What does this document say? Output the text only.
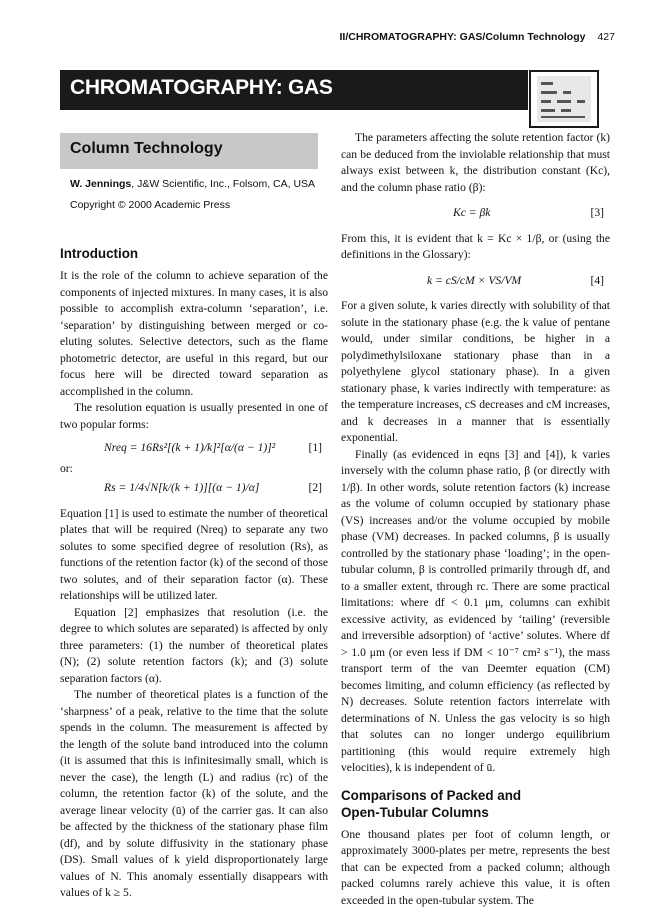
II/CHROMATOGRAPHY: GAS/Column Technology 427
CHROMATOGRAPHY: GAS
Column Technology
W. Jennings, J&W Scientific, Inc., Folsom, CA, USA
Copyright © 2000 Academic Press
Introduction

It is the role of the column to achieve separation of the components of injected mixtures. In many cases, it is also possible to accomplish extra-column ‘separation’, i.e. ‘separation’ by distinguishing between merged or co-eluting solutes. Selective detectors, such as the flame photometric detector, are useful in this regard, but our focus here will be directed toward separation as accomplished in the column.

The resolution equation is usually presented in one of two popular forms:

Nreq = 16Rs²[(k + 1)/k]²[α/(α − 1)]²	[1]

or:

Rs = 1/4√N[k/(k + 1)][(α − 1)/α]	[2]

Equation [1] is used to estimate the number of theoretical plates that will be required (Nreq) to separate any two solutes to some specified degree of resolution (Rs), as functions of the retention factor (k) of the second of those two solutes, and of their separation factor (α). These relationships will be utilized later.

Equation [2] emphasizes that resolution (i.e. the degree to which solutes are separated) is affected by only three parameters: (1) the number of theoretical plates (N); (2) solute retention factors (k); and (3) solute separation factors (α).

The number of theoretical plates is a function of the ‘sharpness’ of a peak, relative to the time that the solute spends in the column. The measurement is affected by the length of the solute band introduced into the column (it is assumed that this is infinitesimally small, which is never the case), the length (L) and radius (rc) of the column, the retention factor (k) of the solute, and the average linear velocity (ū) of the carrier gas. It can also be affected by the thickness of the stationary phase film (df), and by solute diffusivity in the stationary phase (DS). Small values of k yield disproportionately large values of N. This anomaly essentially disappears with values of k ≥ 5.

The parameters affecting the solute retention factor (k) can be deduced from the inviolable relationship that must always exist between k, the distribution constant (Kc), and the column phase ratio (β):

Kc = βk	[3]

From this, it is evident that k = Kc × 1/β, or (using the definitions in the Glossary):

k = cS/cM × VS/VM	[4]

For a given solute, k varies directly with solubility of that solute in the stationary phase (e.g. the k value of pentane would, under similar conditions, be higher in a polydimethylsiloxane stationary phase than in a polyethylene glycol stationary phase). In a given stationary phase, k varies indirectly with temperature: as the temperature increases, cS decreases and cM increases, and k decreases in a manner that is essentially exponential.

Finally (as evidenced in eqns [3] and [4]), k varies inversely with the column phase ratio, β (or directly with 1/β). In other words, solute retention factors (k) increase as the volume of column occupied by stationary phase (VS) increases and/or the volume occupied by mobile phase (VM) decreases. In packed columns, β is usually controlled by the stationary phase ‘loading’; in the open-tubular column, β is controlled primarily through df, and to a smaller extent, through rc. There are some practical limitations: where df < 0.1 μm, columns can exhibit excessive activity, as evidenced by ‘tailing’ (reversible and irreversible adsorption) of ‘active’ solutes. Where df > 1.0 μm (or even less if DM < 10⁻⁷ cm² s⁻¹), the mass transport term of the van Deemter equation (CM) becomes limiting, and column efficiency (as reflected by N) decreases. Solute retention factors interrelate with determinations of N. Unless the gas velocity is so high that solutes can no longer undergo equilibrium partitioning (this would require extremely high velocities), k is independent of ū.

Comparisons of Packed and Open-Tubular Columns

One thousand plates per foot of column length, or approximately 3000-plates per metre, represents the best that can be expected from a packed column; although packed columns rarely achieve this value, it is often exceeded in the open-tubular system. The
